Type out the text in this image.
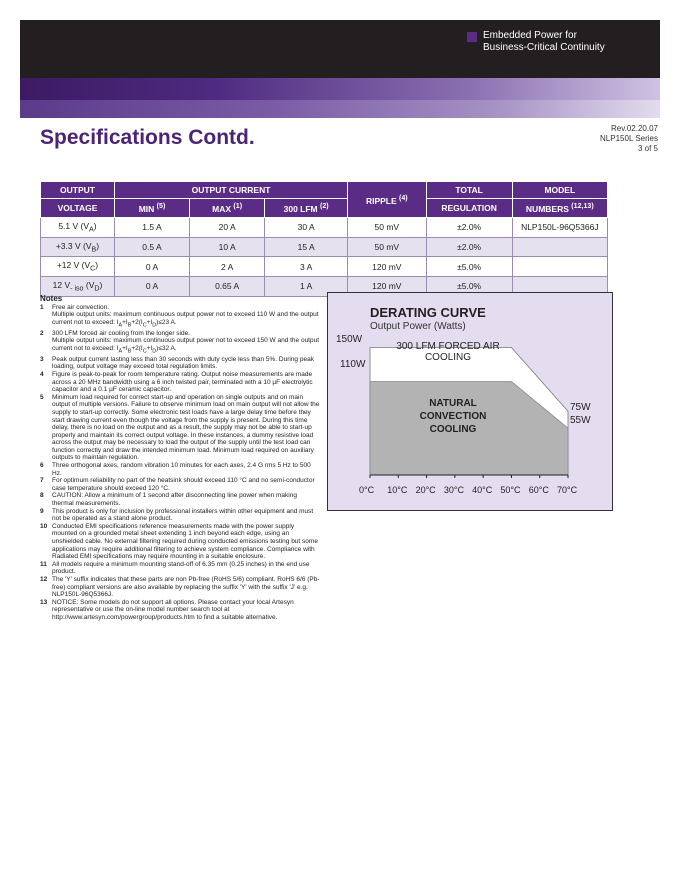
Embedded Power for
Business-Critical Continuity
Specifications Contd.	Rev.02.20.07
NLP150L Series
3 of 5
OUTPUT	OUTPUT CURRENT			RIPPLE $^{(4)}$	TOTAL	MODEL
VOLTAGE	MIN $^{(5)}$	MAX $^{(1)}$	300 LFM $^{(2)}$		REGULATION	NUMBERS $^{(12,13)}$
5.1 V $(V_A)$	1.5 A	20 A	30 A	50 mV	±2.0%	NLP150L-96Q5366J
+3.3 V $(V_B)$	0.5 A	10 A	15 A	50 mV	±2.0%	
+12 V $(V_C)$	0 A	2 A	3 A	120 mV	±5.0%	
12 $V_{- iso}$ $(V_D)$	0 A	0.65 A	1 A	120 mV	±5.0%	
Notes
1	Free air convection.
Multiple output units: maximum continuous output power not to exceed 110 W and the output current not to exceed: $I_A+I_B+2(I_C+I_D)\le 23$ A.
2	300 LFM forced air cooling from the longer side.
Multiple output units: maximum continuous output power not to exceed 150 W and the output current not to exceed: $I_A+I_B+2(I_C+I_D)\le 32$ A.
3	Peak output current lasting less than 30 seconds with duty cycle less than 5%. During peak loading, output voltage may exceed total regulation limits.
4	Figure is peak-to-peak for room temperature rating. Output noise measurements are made across a 20 MHz bandwidth using a 6 inch twisted pair, terminated with a 10 µF electrolytic capacitor and a 0.1 µF ceramic capacitor.
5	Minimum load required for correct start-up and operation on single outputs and on main output of multiple versions. Failure to observe minimum load on main output will not allow the supply to start-up correctly. Some electronic test loads have a large delay time before they start drawing current even though the voltage from the supply is present. During this time delay, there is no load on the output and as a result, the supply may not be able to start-up properly and maintain its correct output voltage. In these instances, a dummy resistive load across the output may be necessary to load the output of the supply until the test load can function correctly and draw the intended minimum load. Minimum load required on auxiliary outputs to maintain regulation.
6	Three orthogonal axes, random vibration 10 minutes for each axes, 2.4 G rms 5 Hz to 500 Hz.
7	For optimum reliability no part of the heatsink should exceed 110 °C and no semi-conductor case temperature should exceed 120 °C.
8	CAUTION: Allow a minimum of 1 second after disconnecting line power when making thermal measurements.
9	This product is only for inclusion by professional installers within other equipment and must not be operated as a stand alone product.
10 Conducted EMI specifications reference measurements made with the power supply mounted on a grounded metal sheet extending 1 inch beyond each edge, using an unshielded cable. No external filtering required during conducted emissions testing but some applications may require additional filtering to achieve system compliance. Compliance with Radiated EMI specifications may require mounting in a suitable enclosure.
11 All models require a minimum mounting stand-off of 6.35 mm (0.25 inches) in the end use product.
12 The 'Y' suffix indicates that these parts are non Pb-free (RoHS 5/6) compliant. RoHS 6/6 (Pb-free) compliant versions are also available by replacing the suffix 'Y' with the suffix 'J' e.g. NLP150L-96Q5366J.
13 NOTICE: Some models do not support all options. Please contact your local Artesyn representative or use the on-line model number search tool at http://www.artesyn.com/powergroup/products.htm to find a suitable alternative.
DERATING CURVE
Output Power (Watts)
150W
110W
75W
55W
300 LFM FORCED AIR COOLING
NATURAL
CONVECTION
COOLING
0°C 10°C 20°C 30°C 40°C 50°C 60°C 70°C
